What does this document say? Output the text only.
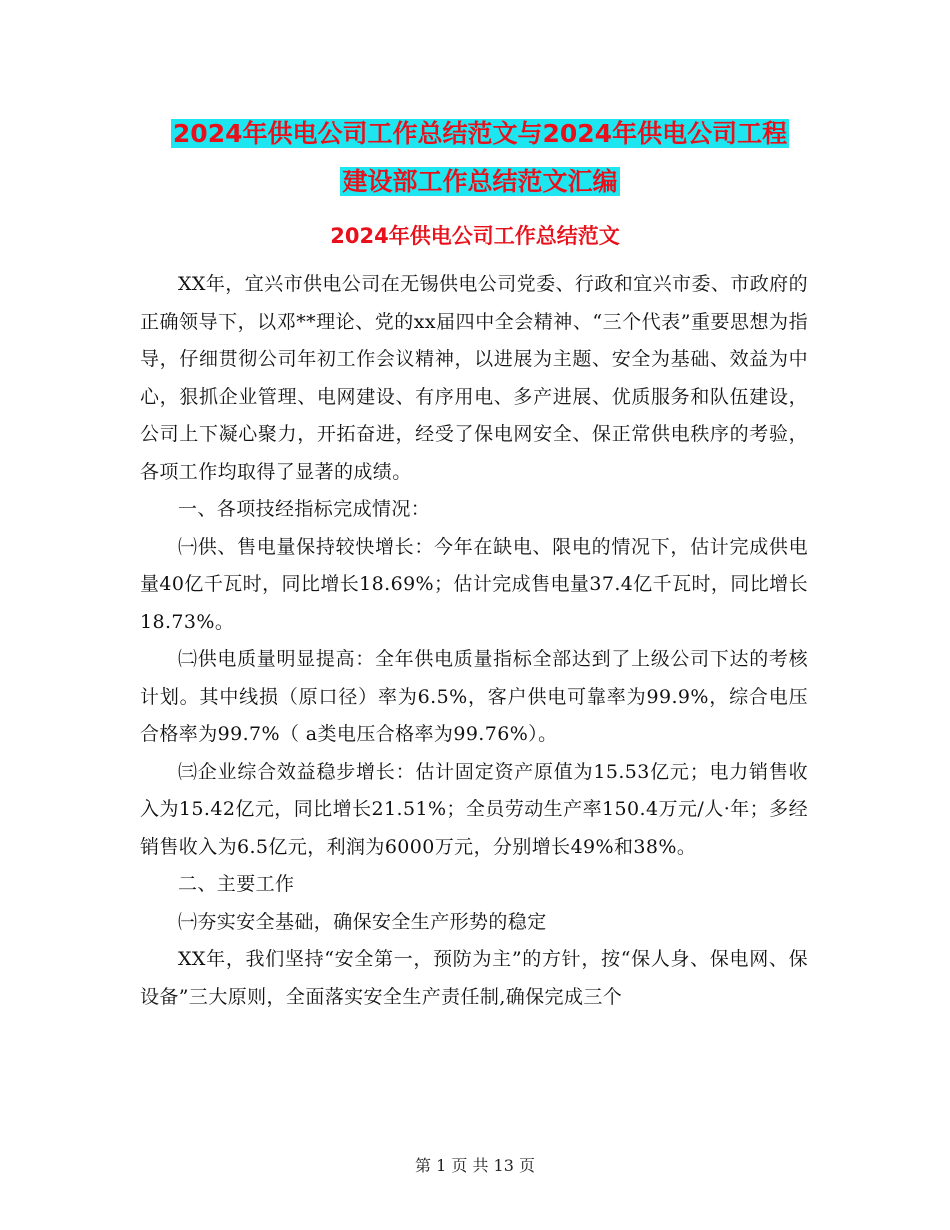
2024年供电公司工作总结范文与2024年供电公司工程
建设部工作总结范文汇编
2024年供电公司工作总结范文

XX年，宜兴市供电公司在无锡供电公司党委、行政和宜兴市委、市政府的正确领导下，以邓**理论、党的xx届四中全会精神、“三个代表”重要思想为指导，仔细贯彻公司年初工作会议精神，以进展为主题、安全为基础、效益为中心，狠抓企业管理、电网建设、有序用电、多产进展、优质服务和队伍建设，公司上下凝心聚力，开拓奋进，经受了保电网安全、保正常供电秩序的考验，各项工作均取得了显著的成绩。

一、各项技经指标完成情况：

㈠供、售电量保持较快增长：今年在缺电、限电的情况下，估计完成供电量40亿千瓦时，同比增长18.69%；估计完成售电量37.4亿千瓦时，同比增长18.73%。

㈡供电质量明显提高：全年供电质量指标全部达到了上级公司下达的考核计划。其中线损（原口径）率为6.5%，客户供电可靠率为99.9%，综合电压合格率为99.7%（ a类电压合格率为99.76%）。

㈢企业综合效益稳步增长：估计固定资产原值为15.53亿元；电力销售收入为15.42亿元，同比增长21.51%；全员劳动生产率150.4万元/人·年；多经销售收入为6.5亿元，利润为6000万元，分别增长49%和38%。

二、主要工作

㈠夯实安全基础，确保安全生产形势的稳定

XX年，我们坚持“安全第一，预防为主”的方针，按“保人身、保电网、保设备”三大原则，全面落实安全生产责任制,确保完成三个

第 1 页 共 13 页
